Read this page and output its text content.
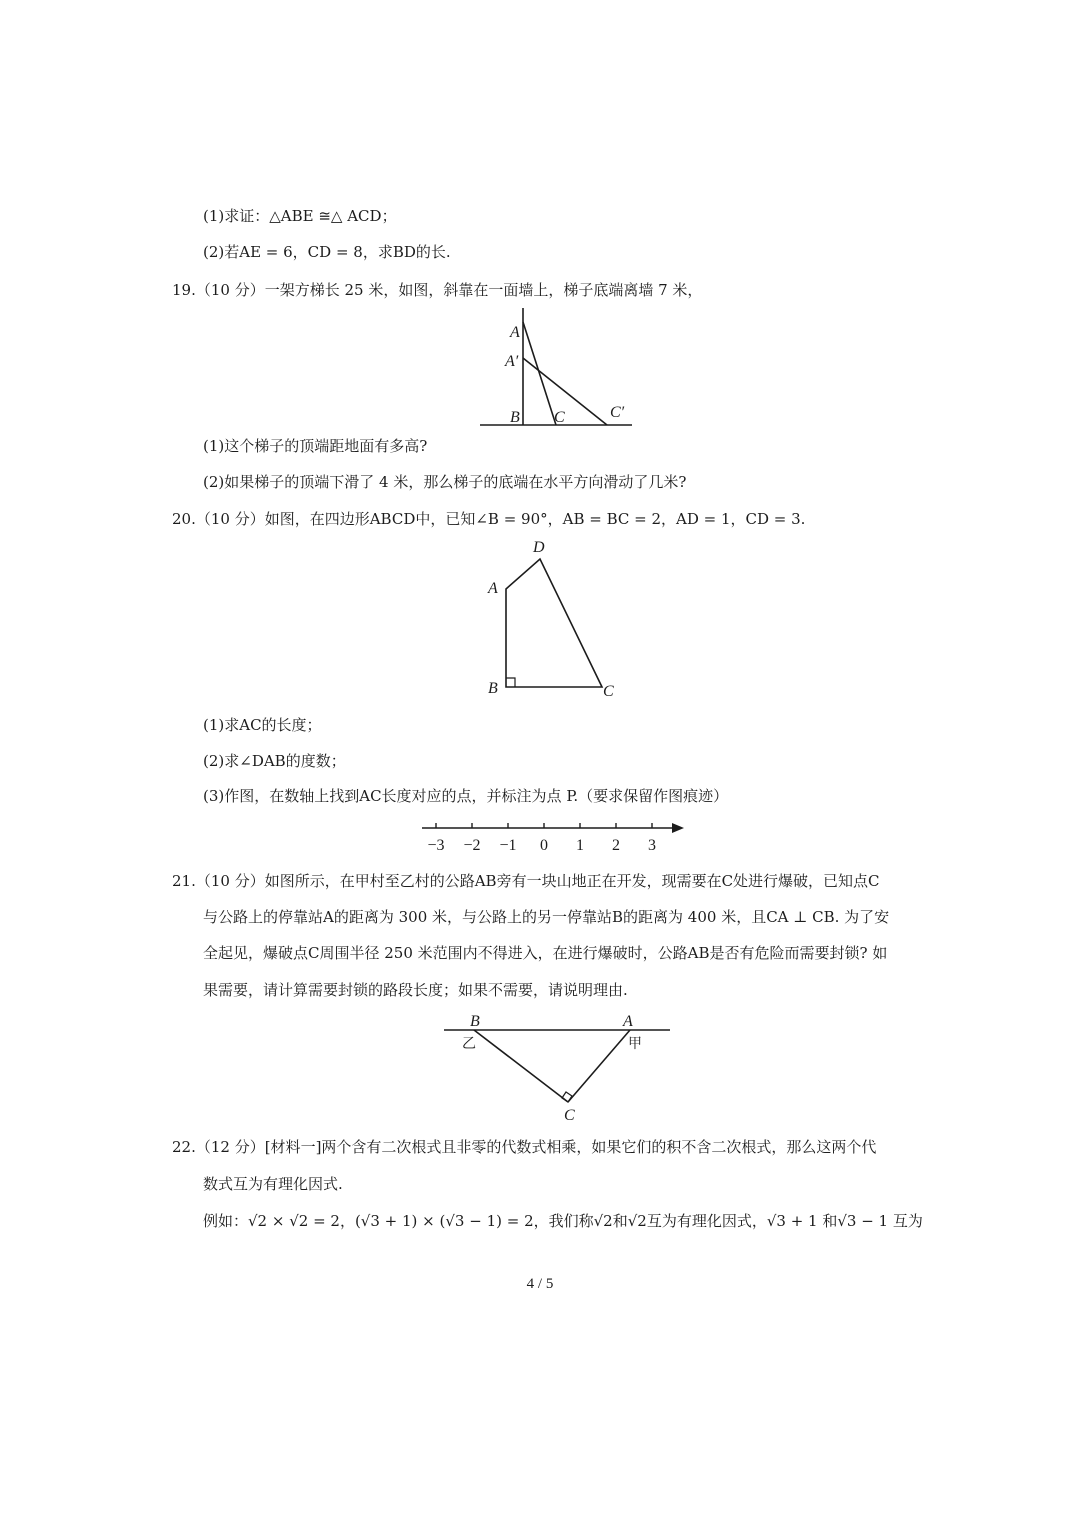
(1)求证：△ABE ≅△ ACD；
(2)若AE = 6，CD = 8，求BD的长.
19.（10 分）一架方梯长 25 米，如图，斜靠在一面墙上，梯子底端离墙 7 米，
A
A′
B C	C′
(1)这个梯子的顶端距地面有多高?
(2)如果梯子的顶端下滑了 4 米，那么梯子的底端在水平方向滑动了几米?
20.（10 分）如图，在四边形ABCD中，已知∠B = 90°，AB = BC = 2，AD = 1，CD = 3.
D
A
B	C
(1)求AC的长度；
(2)求∠DAB的度数；
(3)作图，在数轴上找到AC长度对应的点，并标注为点 P.（要求保留作图痕迹）
−3 −2 −1 0 1 2 3
21.（10 分）如图所示，在甲村至乙村的公路AB旁有一块山地正在开发，现需要在C处进行爆破，已知点C
与公路上的停靠站A的距离为 300 米，与公路上的另一停靠站B的距离为 400 米，且CA ⊥ CB. 为了安
全起见，爆破点C周围半径 250 米范围内不得进入，在进行爆破时，公路AB是否有危险而需要封锁? 如
果需要，请计算需要封锁的路段长度；如果不需要，请说明理由.
B	A
乙	甲
C
22.（12 分）[材料一]两个含有二次根式且非零的代数式相乘，如果它们的积不含二次根式，那么这两个代
数式互为有理化因式.
例如：√2 × √2 = 2，(√3 + 1) × (√3 − 1) = 2，我们称√2和√2互为有理化因式，√3 + 1 和√3 − 1 互为
4 / 5
